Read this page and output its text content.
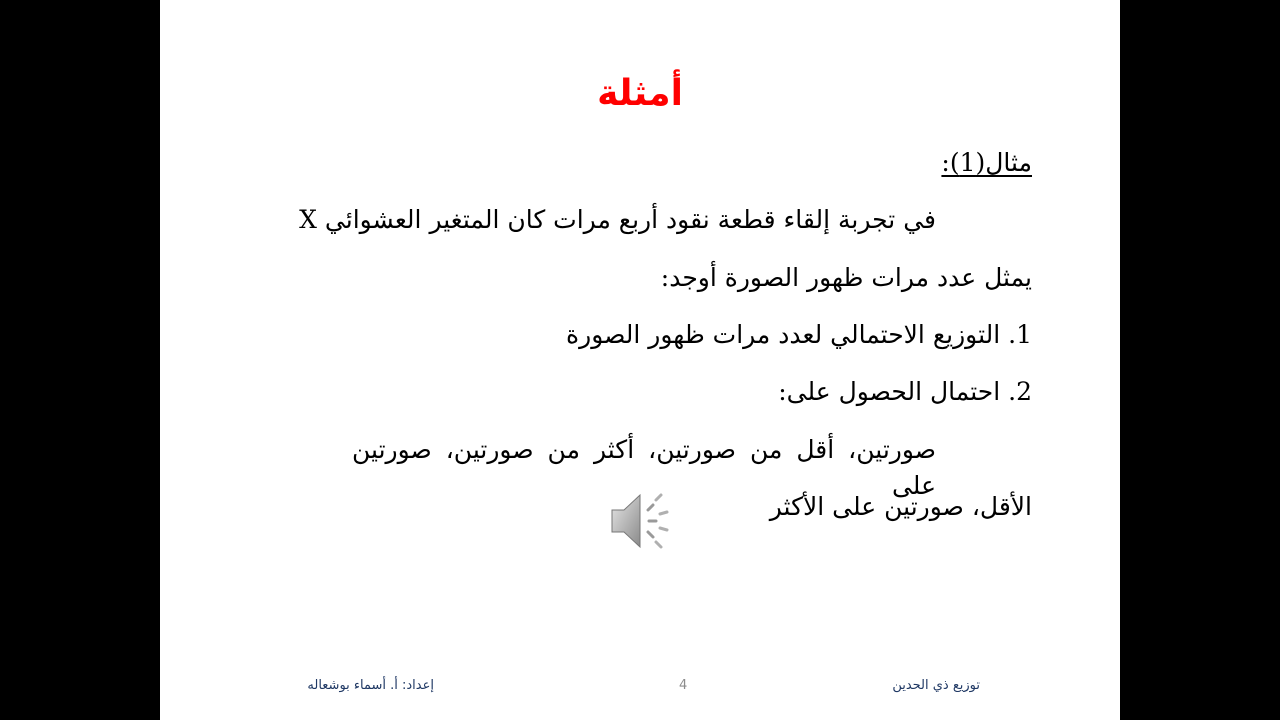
أمثلة
مثال(1):
في تجربة إلقاء قطعة نقود أربع مرات كان المتغير العشوائي X
يمثل عدد مرات ظهور الصورة أوجد:
1. التوزيع الاحتمالي لعدد مرات ظهور الصورة
2. احتمال الحصول على:
صورتين، أقل من صورتين، أكثر من صورتين، صورتين على
الأقل، صورتين على الأكثر
توزيع ذي الحدين
4
إعداد: أ. أسماء بوشعاله
